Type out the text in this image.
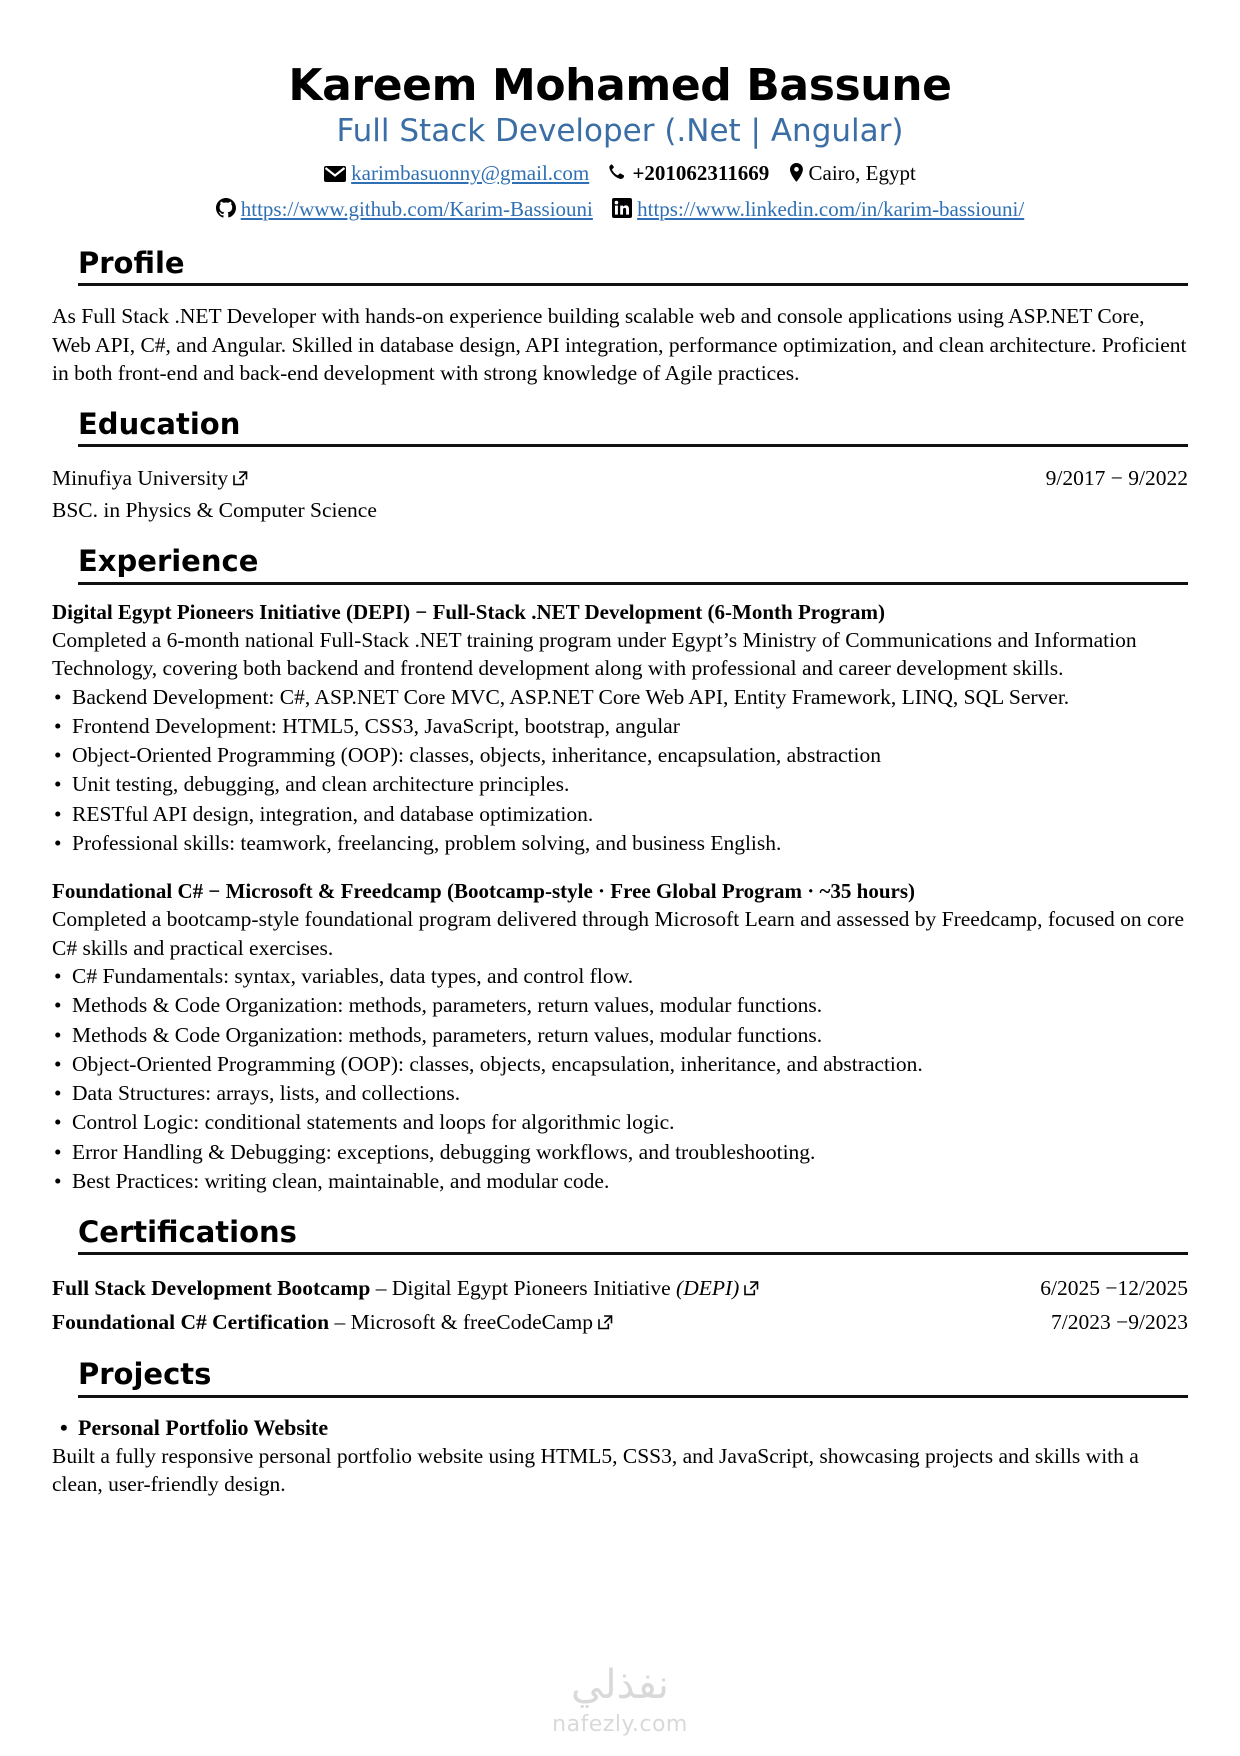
Kareem Mohamed Bassune
Full Stack Developer (.Net | Angular)
karimbasuonny@gmail.com +201062311669 Cairo, Egypt
https://www.github.com/Karim-Bassiouni https://www.linkedin.com/in/karim-bassiouni/
Profile
As Full Stack .NET Developer with hands-on experience building scalable web and console applications using ASP.NET Core, Web API, C#, and Angular. Skilled in database design, API integration, performance optimization, and clean architecture. Proficient in both front-end and back-end development with strong knowledge of Agile practices.
Education
Minufiya University	9/2017 − 9/2022
BSC. in Physics & Computer Science
Experience
Digital Egypt Pioneers Initiative (DEPI) − Full-Stack .NET Development (6-Month Program)
Completed a 6-month national Full-Stack .NET training program under Egypt’s Ministry of Communications and Information Technology, covering both backend and frontend development along with professional and career development skills.
• Backend Development: C#, ASP.NET Core MVC, ASP.NET Core Web API, Entity Framework, LINQ, SQL Server.
• Frontend Development: HTML5, CSS3, JavaScript, bootstrap, angular
• Object-Oriented Programming (OOP): classes, objects, inheritance, encapsulation, abstraction
• Unit testing, debugging, and clean architecture principles.
• RESTful API design, integration, and database optimization.
• Professional skills: teamwork, freelancing, problem solving, and business English.
Foundational C# − Microsoft & Freedcamp (Bootcamp-style · Free Global Program · ~35 hours)
Completed a bootcamp-style foundational program delivered through Microsoft Learn and assessed by Freedcamp, focused on core C# skills and practical exercises.
• C# Fundamentals: syntax, variables, data types, and control flow.
• Methods & Code Organization: methods, parameters, return values, modular functions.
• Methods & Code Organization: methods, parameters, return values, modular functions.
• Object-Oriented Programming (OOP): classes, objects, encapsulation, inheritance, and abstraction.
• Data Structures: arrays, lists, and collections.
• Control Logic: conditional statements and loops for algorithmic logic.
• Error Handling & Debugging: exceptions, debugging workflows, and troubleshooting.
• Best Practices: writing clean, maintainable, and modular code.
Certifications
Full Stack Development Bootcamp – Digital Egypt Pioneers Initiative (DEPI)	6/2025 −12/2025
Foundational C# Certification – Microsoft & freeCodeCamp	7/2023 −9/2023
Projects
• Personal Portfolio Website
Built a fully responsive personal portfolio website using HTML5, CSS3, and JavaScript, showcasing projects and skills with a clean, user-friendly design.
نفذلي
nafezly.com
